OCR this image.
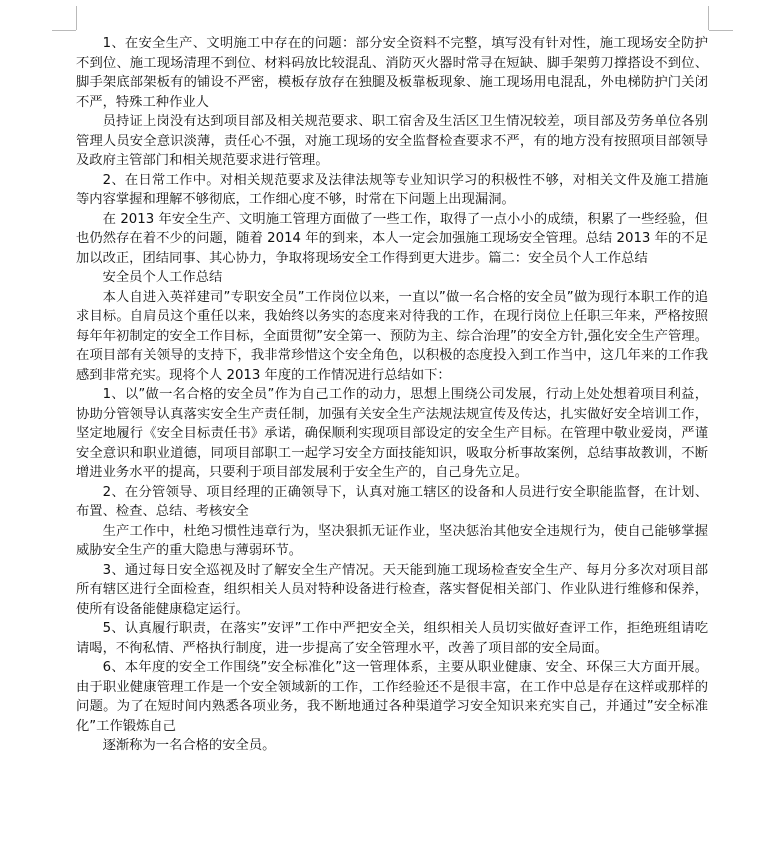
1、在安全生产、文明施工中存在的问题：部分安全资料不完整，填写没有针对性，施工现场安全防护不到位、施工现场清理不到位、材料码放比较混乱、消防灭火器时常寻在短缺、脚手架剪刀撑搭设不到位、脚手架底部架板有的铺设不严密，模板存放存在独腿及板靠板现象、施工现场用电混乱，外电梯防护门关闭不严，特殊工种作业人

员持证上岗没有达到项目部及相关规范要求、职工宿舍及生活区卫生情况较差，项目部及劳务单位各别管理人员安全意识淡薄，责任心不强，对施工现场的安全监督检查要求不严，有的地方没有按照项目部领导及政府主管部门和相关规范要求进行管理。

2、在日常工作中。对相关规范要求及法律法规等专业知识学习的积极性不够，对相关文件及施工措施等内容掌握和理解不够彻底，工作细心度不够，时常在下问题上出现漏洞。

在 2013 年安全生产、文明施工管理方面做了一些工作，取得了一点小小的成绩，积累了一些经验，但也仍然存在着不少的问题，随着 2014 年的到来，本人一定会加强施工现场安全管理。总结 2013 年的不足加以改正，团结同事、其心协力，争取将现场安全工作得到更大进步。篇二：安全员个人工作总结

安全员个人工作总结

本人自进入英祥建司”专职安全员”工作岗位以来，一直以”做一名合格的安全员”做为现行本职工作的追求目标。自肩员这个重任以来，我始终以务实的态度来对待我的工作，在现行岗位上任职三年来，严格按照每年年初制定的安全工作目标，全面贯彻”安全第一、预防为主、综合治理”的安全方针,强化安全生产管理。在项目部有关领导的支持下，我非常珍惜这个安全角色，以积极的态度投入到工作当中，这几年来的工作我感到非常充实。现将个人 2013 年度的工作情况进行总结如下：

1、以”做一名合格的安全员”作为自己工作的动力，思想上围绕公司发展，行动上处处想着项目利益，协助分管领导认真落实安全生产责任制，加强有关安全生产法规法规宣传及传达，扎实做好安全培训工作，坚定地履行《安全目标责任书》承诺，确保顺利实现项目部设定的安全生产目标。在管理中敬业爱岗，严谨安全意识和职业道德，同项目部职工一起学习安全方面技能知识，吸取分析事故案例，总结事故教训，不断增进业务水平的提高，只要利于项目部发展利于安全生产的，自己身先立足。

2、在分管领导、项目经理的正确领导下，认真对施工辖区的设备和人员进行安全职能监督，在计划、布置、检查、总结、考核安全

生产工作中，杜绝习惯性违章行为，坚决狠抓无证作业，坚决惩治其他安全违规行为，使自己能够掌握威胁安全生产的重大隐患与薄弱环节。

3、通过每日安全巡视及时了解安全生产情况。天天能到施工现场检查安全生产、每月分多次对项目部所有辖区进行全面检查，组织相关人员对特种设备进行检查，落实督促相关部门、作业队进行维修和保养，使所有设备能健康稳定运行。

5、认真履行职责，在落实”安评”工作中严把安全关，组织相关人员切实做好查评工作，拒绝班组请吃请喝，不徇私情、严格执行制度，进一步提高了安全管理水平，改善了项目部的安全局面。

6、本年度的安全工作围绕”安全标准化”这一管理体系，主要从职业健康、安全、环保三大方面开展。由于职业健康管理工作是一个安全领域新的工作，工作经验还不是很丰富，在工作中总是存在这样或那样的问题。为了在短时间内熟悉各项业务，我不断地通过各种渠道学习安全知识来充实自己，并通过”安全标准化”工作锻炼自己

逐渐称为一名合格的安全员。
